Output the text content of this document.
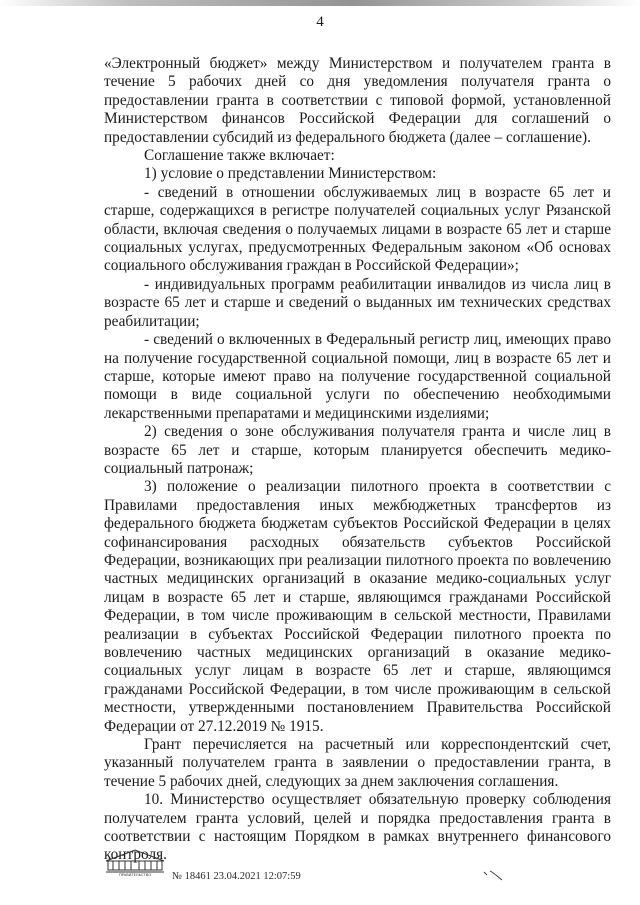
4

«Электронный бюджет» между Министерством и получателем гранта в течение 5 рабочих дней со дня уведомления получателя гранта о предоставлении гранта в соответствии с типовой формой, установленной Министерством финансов Российской Федерации для соглашений о предоставлении субсидий из федерального бюджета (далее – соглашение).

Соглашение также включает:

1) условие о представлении Министерством:

- сведений в отношении обслуживаемых лиц в возрасте 65 лет и старше, содержащихся в регистре получателей социальных услуг Рязанской области, включая сведения о получаемых лицами в возрасте 65 лет и старше социальных услугах, предусмотренных Федеральным законом «Об основах социального обслуживания граждан в Российской Федерации»;

- индивидуальных программ реабилитации инвалидов из числа лиц в возрасте 65 лет и старше и сведений о выданных им технических средствах реабилитации;

- сведений о включенных в Федеральный регистр лиц, имеющих право на получение государственной социальной помощи, лиц в возрасте 65 лет и старше, которые имеют право на получение государственной социальной помощи в виде социальной услуги по обеспечению необходимыми лекарственными препаратами и медицинскими изделиями;

2) сведения о зоне обслуживания получателя гранта и числе лиц в возрасте 65 лет и старше, которым планируется обеспечить медико-социальный патронаж;

3) положение о реализации пилотного проекта в соответствии с Правилами предоставления иных межбюджетных трансфертов из федерального бюджета бюджетам субъектов Российской Федерации в целях софинансирования расходных обязательств субъектов Российской Федерации, возникающих при реализации пилотного проекта по вовлечению частных медицинских организаций в оказание медико-социальных услуг лицам в возрасте 65 лет и старше, являющимся гражданами Российской Федерации, в том числе проживающим в сельской местности, Правилами реализации в субъектах Российской Федерации пилотного проекта по вовлечению частных медицинских организаций в оказание медико-социальных услуг лицам в возрасте 65 лет и старше, являющимся гражданами Российской Федерации, в том числе проживающим в сельской местности, утвержденными постановлением Правительства Российской Федерации от 27.12.2019 № 1915.

Грант перечисляется на расчетный или корреспондентский счет, указанный получателем гранта в заявлении о предоставлении гранта, в течение 5 рабочих дней, следующих за днем заключения соглашения.

10. Министерство осуществляет обязательную проверку соблюдения получателем гранта условий, целей и порядка предоставления гранта в соответствии с настоящим Порядком в рамках внутреннего финансового контроля.

ПРАВИТЕЛЬСТВО № 18461 23.04.2021 12:07:59
